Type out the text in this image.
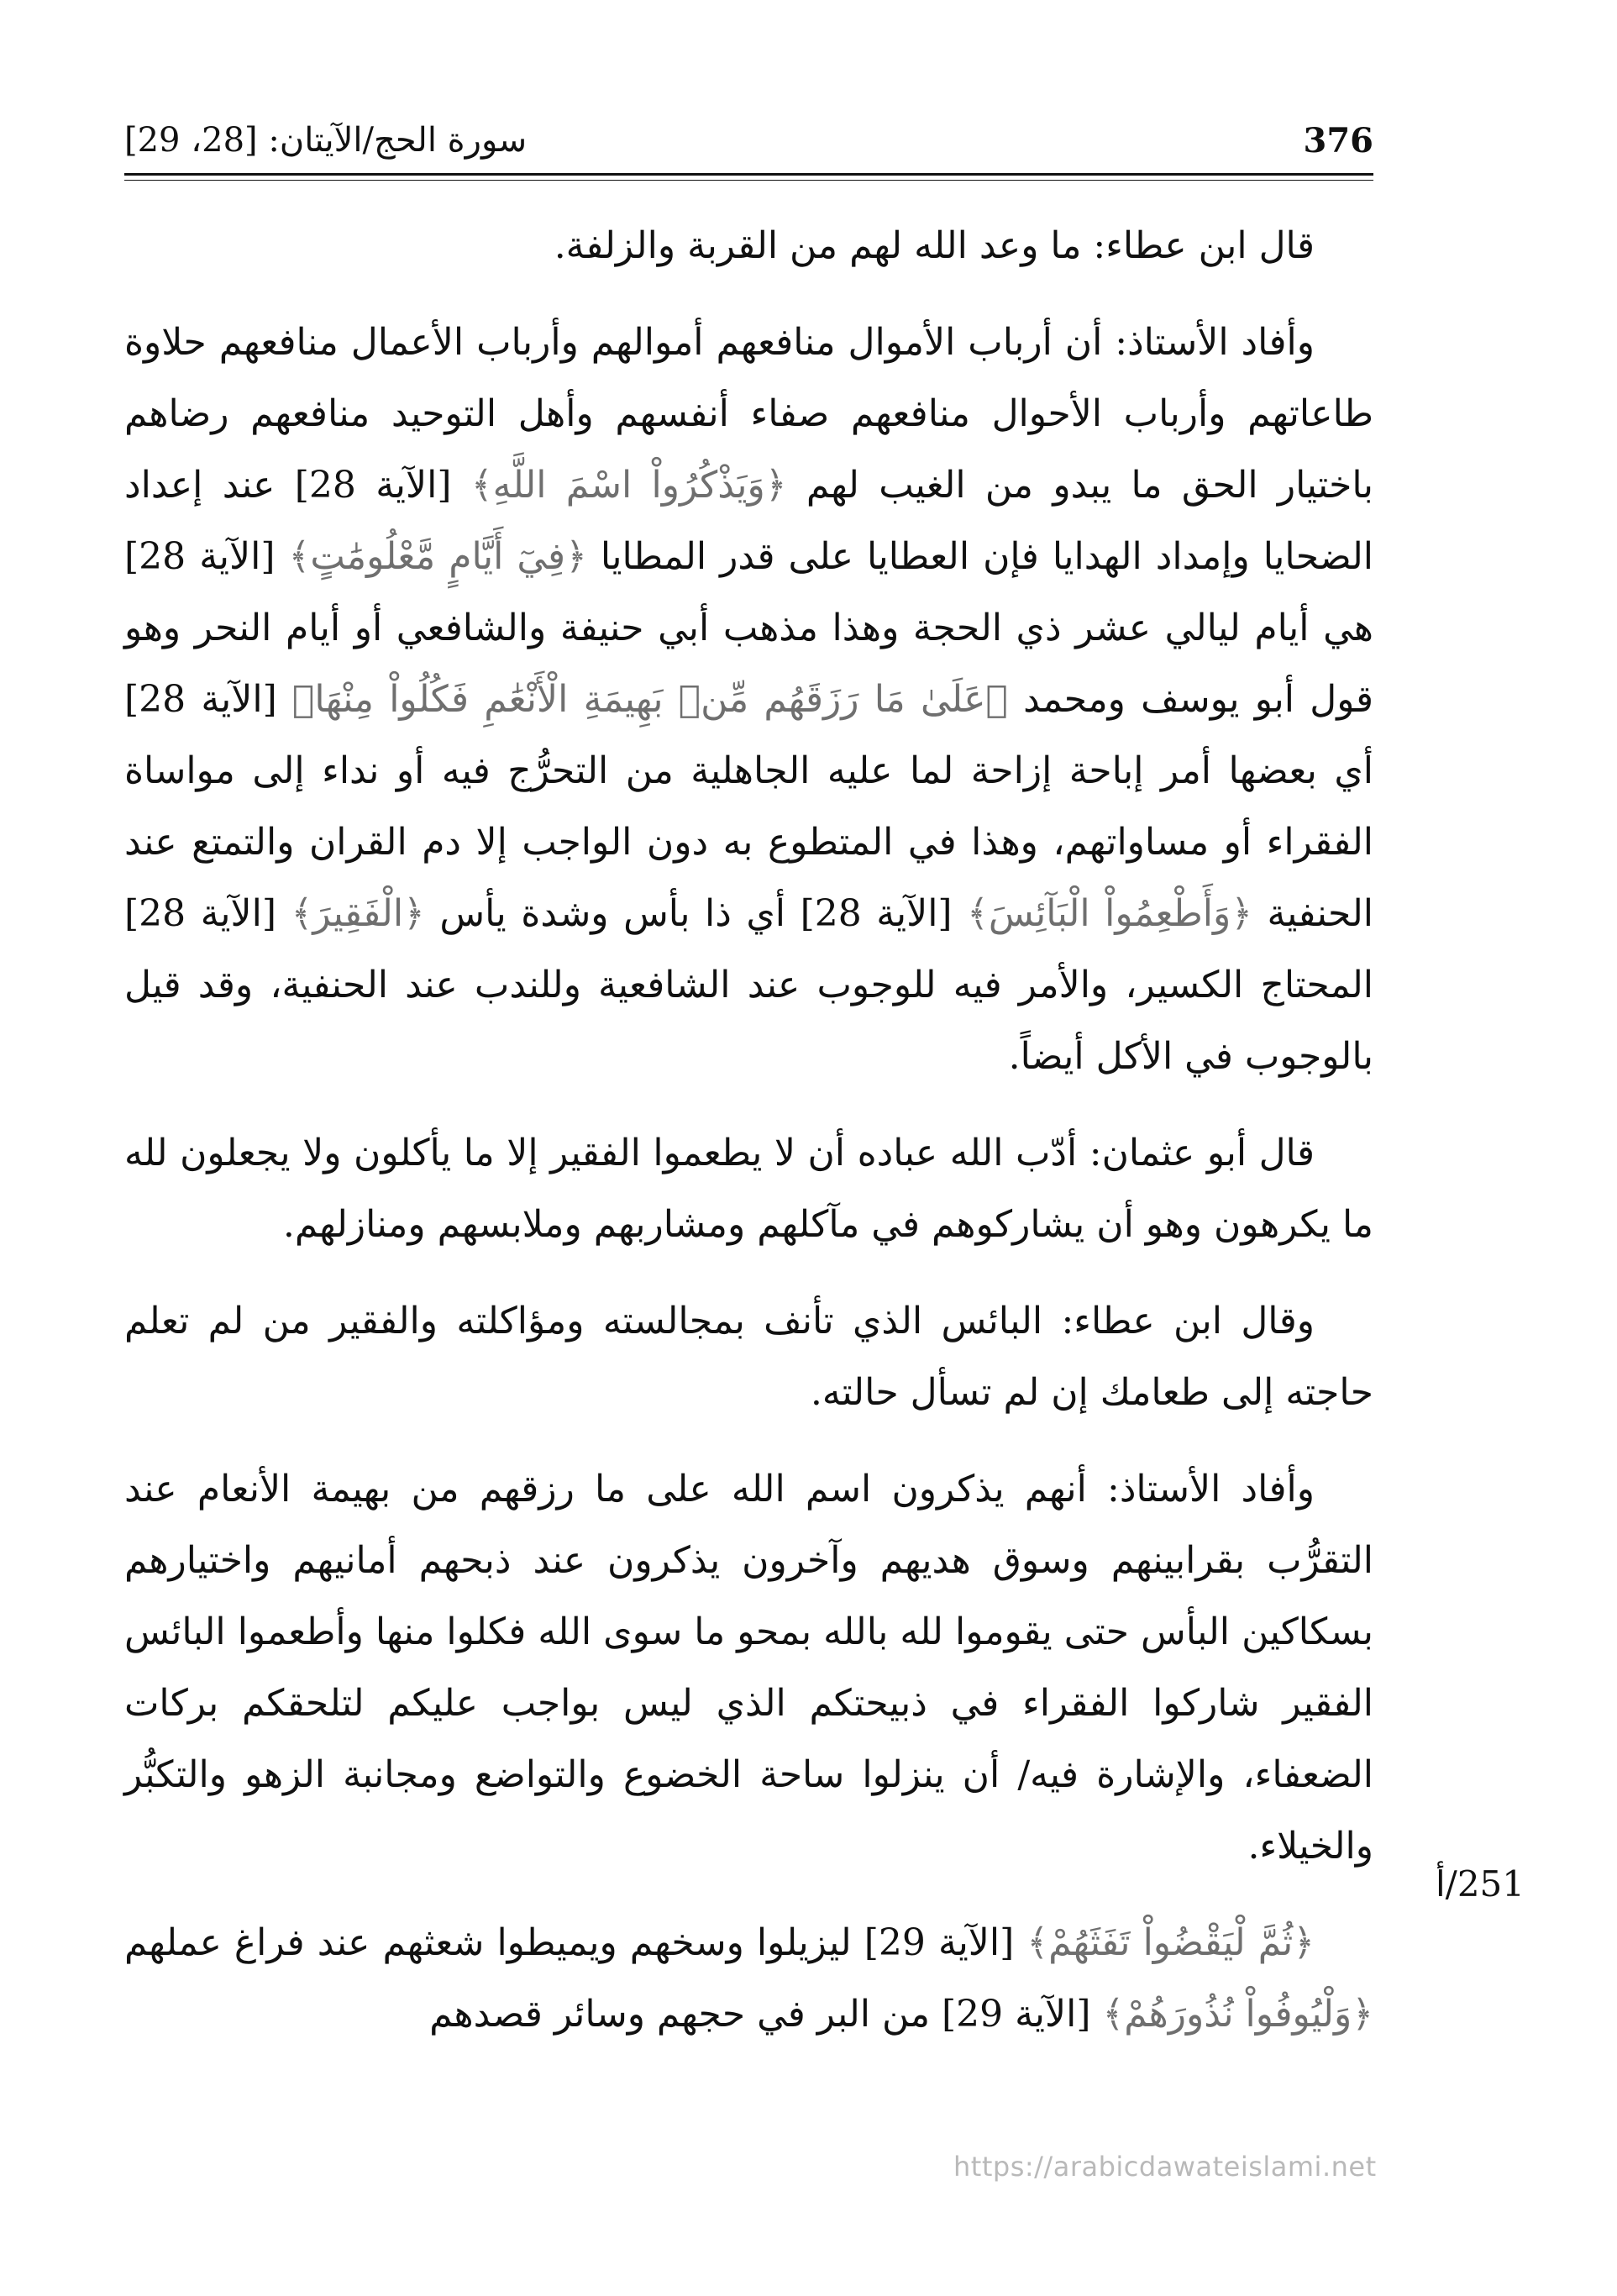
376
سورة الحج/الآيتان: [28، 29]

قال ابن عطاء: ما وعد الله لهم من القربة والزلفة.

وأفاد الأستاذ: أن أرباب الأموال منافعهم أموالهم وأرباب الأعمال منافعهم حلاوة طاعاتهم وأرباب الأحوال منافعهم صفاء أنفسهم وأهل التوحيد منافعهم رضاهم باختيار الحق ما يبدو من الغيب لهم ﴿وَيَذْكُرُواْ اسْمَ اللَّهِ﴾ [الآية 28] عند إعداد الضحايا وإمداد الهدايا فإن العطايا على قدر المطايا ﴿فِيٓ أَيَّامٍ مَّعْلُومَٰتٍ﴾ [الآية 28] هي أيام ليالي عشر ذي الحجة وهذا مذهب أبي حنيفة والشافعي أو أيام النحر وهو قول أبو يوسف ومحمد ﴿عَلَىٰ مَا رَزَقَهُم مِّنۢ بَهِيمَةِ الْأَنْعَٰمِ فَكُلُواْ مِنْهَا﴾ [الآية 28] أي بعضها أمر إباحة إزاحة لما عليه الجاهلية من التحرُّج فيه أو نداء إلى مواساة الفقراء أو مساواتهم، وهذا في المتطوع به دون الواجب إلا دم القران والتمتع عند الحنفية ﴿وَأَطْعِمُواْ الْبَآئِسَ﴾ [الآية 28] أي ذا بأس وشدة يأس ﴿الْفَقِيرَ﴾ [الآية 28] المحتاج الكسير، والأمر فيه للوجوب عند الشافعية وللندب عند الحنفية، وقد قيل بالوجوب في الأكل أيضاً.

قال أبو عثمان: أدّب الله عباده أن لا يطعموا الفقير إلا ما يأكلون ولا يجعلون لله ما يكرهون وهو أن يشاركوهم في مآكلهم ومشاربهم وملابسهم ومنازلهم.

وقال ابن عطاء: البائس الذي تأنف بمجالسته ومؤاكلته والفقير من لم تعلم حاجته إلى طعامك إن لم تسأل حالته.

وأفاد الأستاذ: أنهم يذكرون اسم الله على ما رزقهم من بهيمة الأنعام عند التقرُّب بقرابينهم وسوق هديهم وآخرون يذكرون عند ذبحهم أمانيهم واختيارهم بسكاكين البأس حتى يقوموا لله بالله بمحو ما سوى الله فكلوا منها وأطعموا البائس الفقير شاركوا الفقراء في ذبيحتكم الذي ليس بواجب عليكم لتلحقكم بركات الضعفاء، والإشارة فيه/ أن ينزلوا ساحة الخضوع والتواضع ومجانبة الزهو والتكبُّر والخيلاء.

﴿ثُمَّ لْيَقْضُواْ تَفَثَهُمْ﴾ [الآية 29] ليزيلوا وسخهم ويميطوا شعثهم عند فراغ عملهم ﴿وَلْيُوفُواْ نُذُورَهُمْ﴾ [الآية 29] من البر في حجهم وسائر قصدهم

251/أ
https://arabicdawateislami.net
